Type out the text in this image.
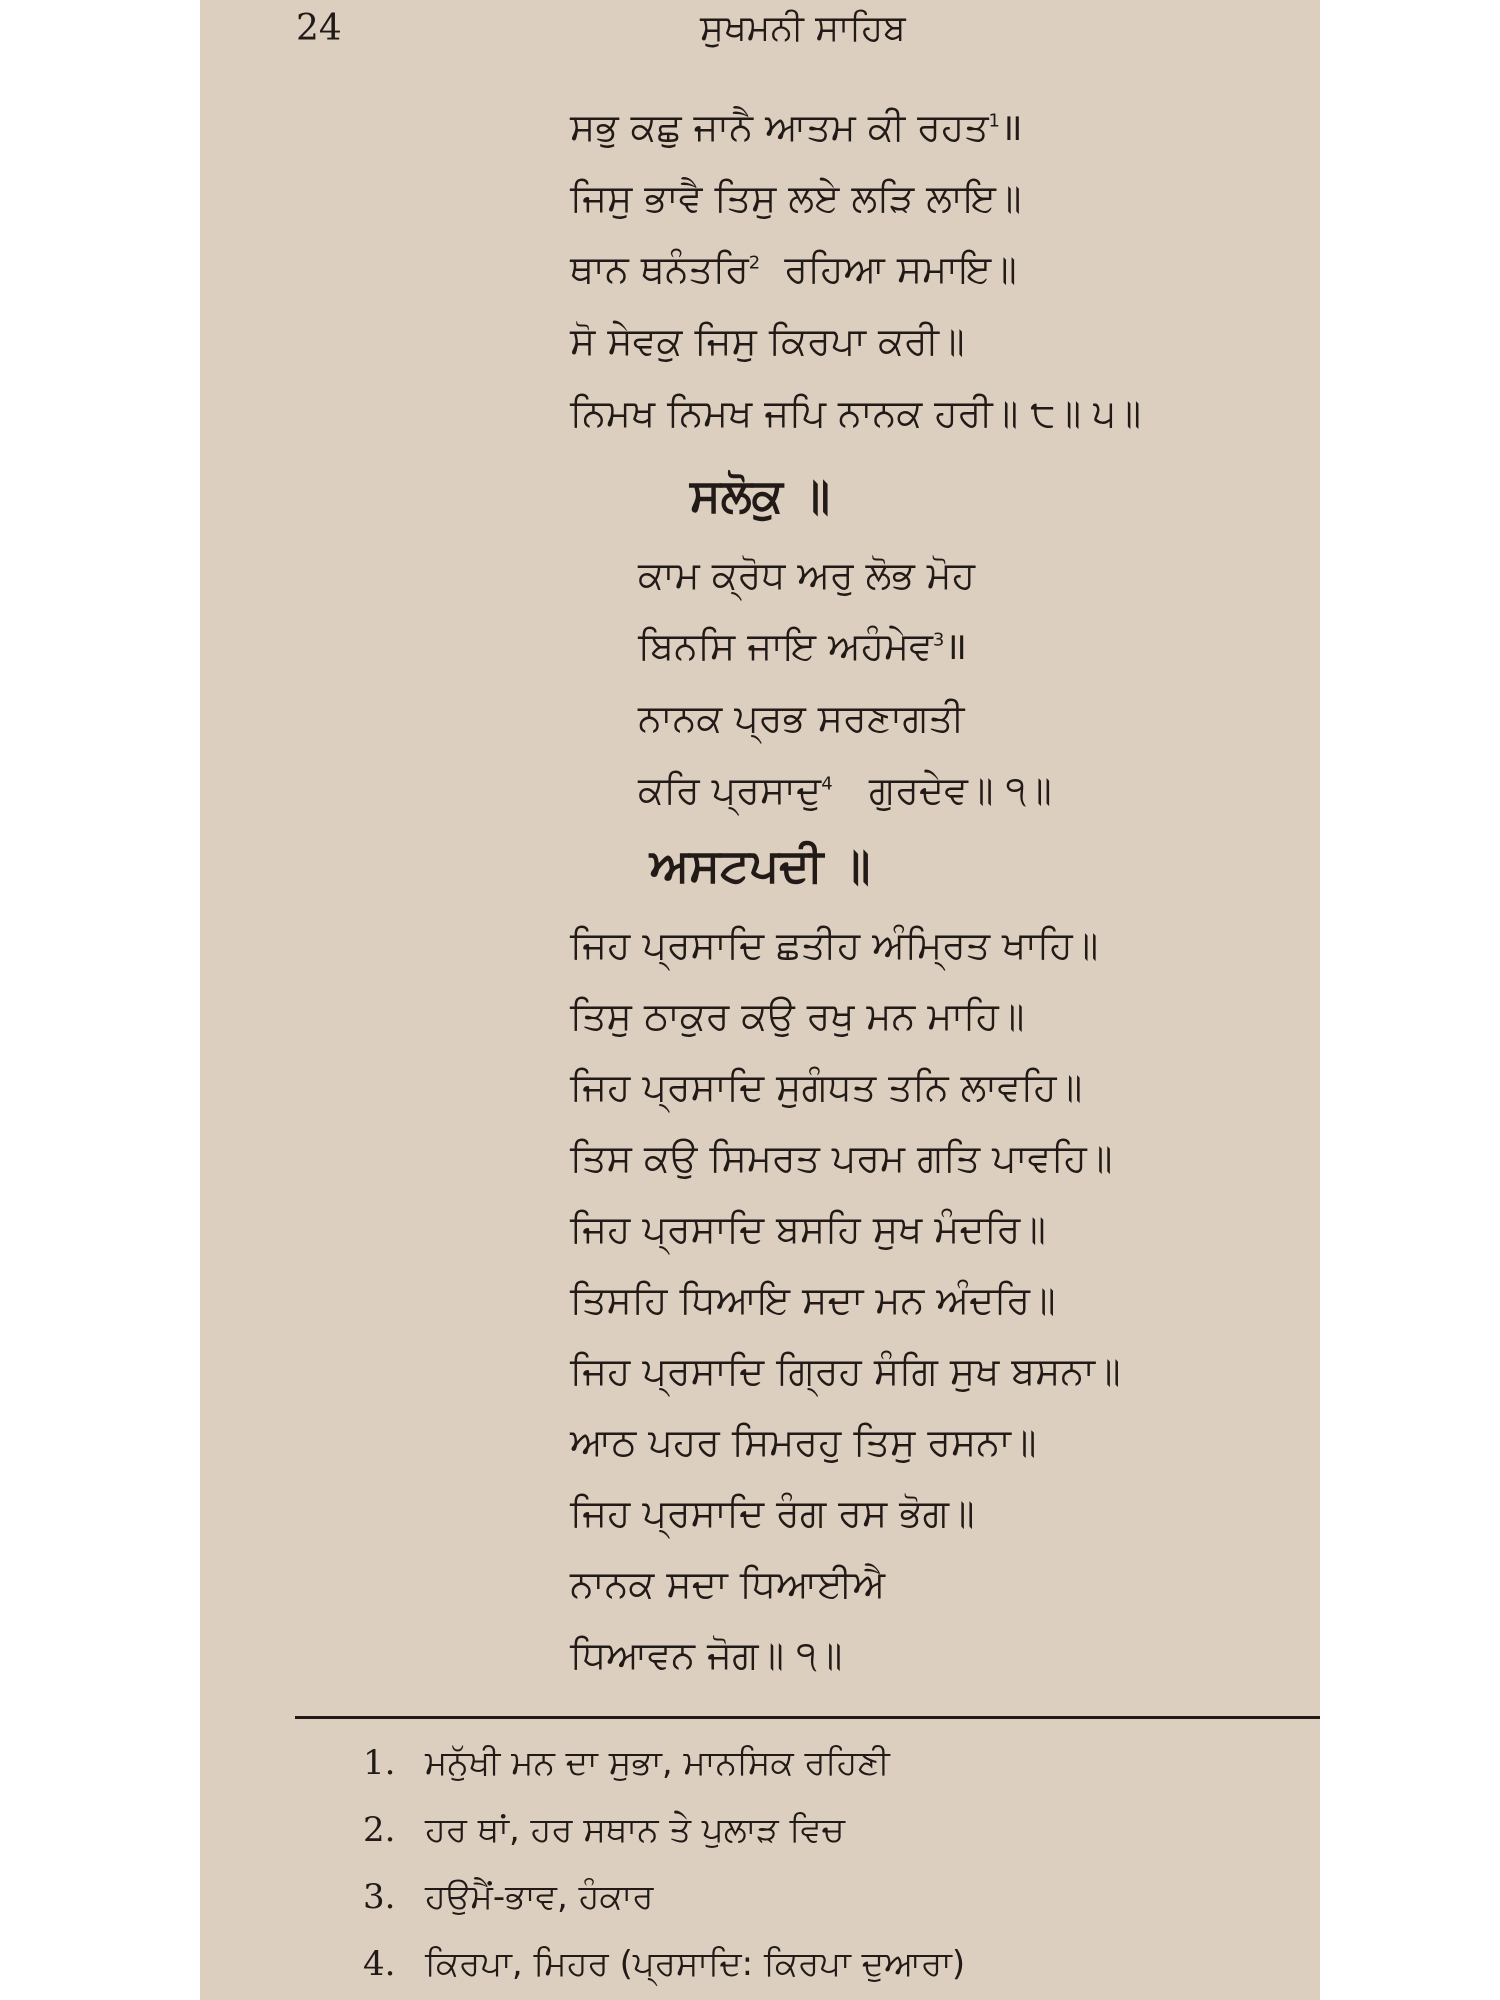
24	ਸੁਖਮਨੀ ਸਾਹਿਬ
ਸਭੁ ਕਛੁ ਜਾਨੈ ਆਤਮ ਕੀ ਰਹਤ$^1$॥
ਜਿਸੁ ਭਾਵੈ ਤਿਸੁ ਲਏ ਲੜਿ ਲਾਇ॥
ਥਾਨ ਥਨੰਤਰਿ$^2$ ਰਹਿਆ ਸਮਾਇ॥
ਸੋ ਸੇਵਕੁ ਜਿਸੁ ਕਿਰਪਾ ਕਰੀ॥
ਨਿਮਖ ਨਿਮਖ ਜਪਿ ਨਾਨਕ ਹਰੀ॥ ੮॥ ੫॥
ਸਲੋਕੁ ॥
ਕਾਮ ਕ੍ਰੋਧ ਅਰੁ ਲੋਭ ਮੋਹ
ਬਿਨਸਿ ਜਾਇ ਅਹੰਮੇਵ$^3$॥
ਨਾਨਕ ਪ੍ਰਭ ਸਰਣਾਗਤੀ
ਕਰਿ ਪ੍ਰਸਾਦੁ$^4$ ਗੁਰਦੇਵ॥ ੧॥
ਅਸਟਪਦੀ ॥
ਜਿਹ ਪ੍ਰਸਾਦਿ ਛਤੀਹ ਅੰਮ੍ਰਿਤ ਖਾਹਿ॥
ਤਿਸੁ ਠਾਕੁਰ ਕਉ ਰਖੁ ਮਨ ਮਾਹਿ॥
ਜਿਹ ਪ੍ਰਸਾਦਿ ਸੁਗੰਧਤ ਤਨਿ ਲਾਵਹਿ॥
ਤਿਸ ਕਉ ਸਿਮਰਤ ਪਰਮ ਗਤਿ ਪਾਵਹਿ॥
ਜਿਹ ਪ੍ਰਸਾਦਿ ਬਸਹਿ ਸੁਖ ਮੰਦਰਿ॥
ਤਿਸਹਿ ਧਿਆਇ ਸਦਾ ਮਨ ਅੰਦਰਿ॥
ਜਿਹ ਪ੍ਰਸਾਦਿ ਗ੍ਰਿਹ ਸੰਗਿ ਸੁਖ ਬਸਨਾ॥
ਆਠ ਪਹਰ ਸਿਮਰਹੁ ਤਿਸੁ ਰਸਨਾ॥
ਜਿਹ ਪ੍ਰਸਾਦਿ ਰੰਗ ਰਸ ਭੋਗ॥
ਨਾਨਕ ਸਦਾ ਧਿਆਈਐ
ਧਿਆਵਨ ਜੋਗ॥ ੧॥
1. ਮਨੁੱਖੀ ਮਨ ਦਾ ਸੁਭਾ, ਮਾਨਸਿਕ ਰਹਿਣੀ
2. ਹਰ ਥਾਂ, ਹਰ ਸਥਾਨ ਤੇ ਪੁਲਾੜ ਵਿਚ
3. ਹਉਮੈਂ-ਭਾਵ, ਹੰਕਾਰ
4. ਕਿਰਪਾ, ਮਿਹਰ (ਪ੍ਰਸਾਦਿ: ਕਿਰਪਾ ਦੁਆਰਾ)
